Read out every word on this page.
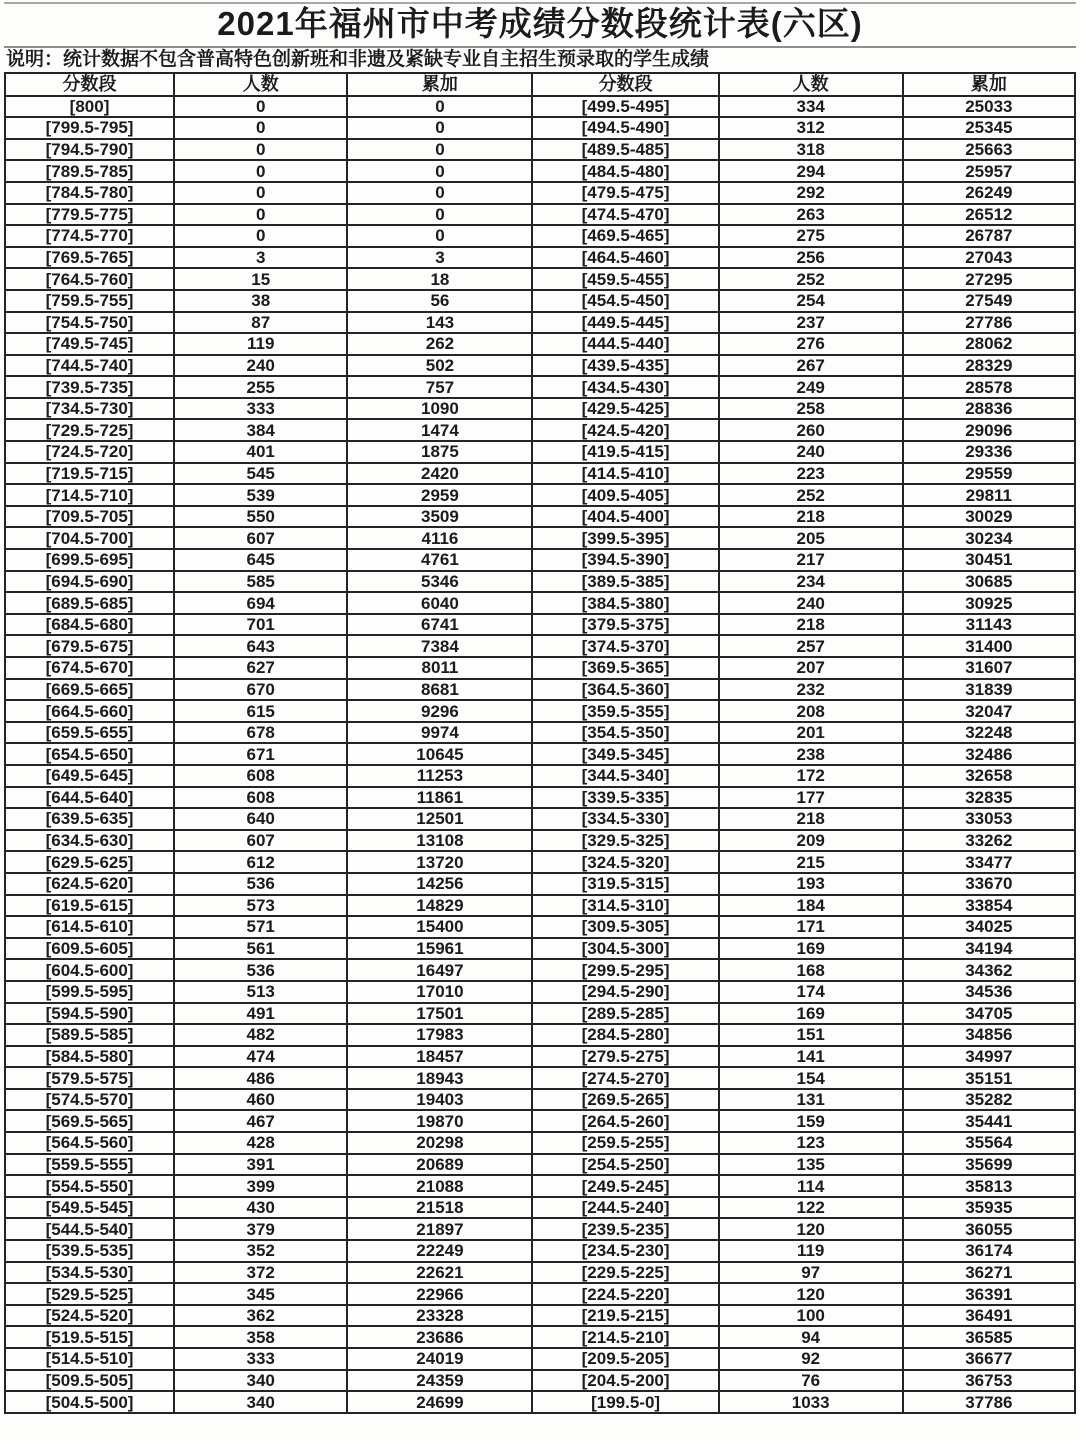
2021年福州市中考成绩分数段统计表(六区)
说明：统计数据不包含普高特色创新班和非遗及紧缺专业自主招生预录取的学生成绩
分数段	人数	累加	分数段	人数	累加
[800]	0	0	[499.5-495]	334	25033
[799.5-795]	0	0	[494.5-490]	312	25345
[794.5-790]	0	0	[489.5-485]	318	25663
[789.5-785]	0	0	[484.5-480]	294	25957
[784.5-780]	0	0	[479.5-475]	292	26249
[779.5-775]	0	0	[474.5-470]	263	26512
[774.5-770]	0	0	[469.5-465]	275	26787
[769.5-765]	3	3	[464.5-460]	256	27043
[764.5-760]	15	18	[459.5-455]	252	27295
[759.5-755]	38	56	[454.5-450]	254	27549
[754.5-750]	87	143	[449.5-445]	237	27786
[749.5-745]	119	262	[444.5-440]	276	28062
[744.5-740]	240	502	[439.5-435]	267	28329
[739.5-735]	255	757	[434.5-430]	249	28578
[734.5-730]	333	1090	[429.5-425]	258	28836
[729.5-725]	384	1474	[424.5-420]	260	29096
[724.5-720]	401	1875	[419.5-415]	240	29336
[719.5-715]	545	2420	[414.5-410]	223	29559
[714.5-710]	539	2959	[409.5-405]	252	29811
[709.5-705]	550	3509	[404.5-400]	218	30029
[704.5-700]	607	4116	[399.5-395]	205	30234
[699.5-695]	645	4761	[394.5-390]	217	30451
[694.5-690]	585	5346	[389.5-385]	234	30685
[689.5-685]	694	6040	[384.5-380]	240	30925
[684.5-680]	701	6741	[379.5-375]	218	31143
[679.5-675]	643	7384	[374.5-370]	257	31400
[674.5-670]	627	8011	[369.5-365]	207	31607
[669.5-665]	670	8681	[364.5-360]	232	31839
[664.5-660]	615	9296	[359.5-355]	208	32047
[659.5-655]	678	9974	[354.5-350]	201	32248
[654.5-650]	671	10645	[349.5-345]	238	32486
[649.5-645]	608	11253	[344.5-340]	172	32658
[644.5-640]	608	11861	[339.5-335]	177	32835
[639.5-635]	640	12501	[334.5-330]	218	33053
[634.5-630]	607	13108	[329.5-325]	209	33262
[629.5-625]	612	13720	[324.5-320]	215	33477
[624.5-620]	536	14256	[319.5-315]	193	33670
[619.5-615]	573	14829	[314.5-310]	184	33854
[614.5-610]	571	15400	[309.5-305]	171	34025
[609.5-605]	561	15961	[304.5-300]	169	34194
[604.5-600]	536	16497	[299.5-295]	168	34362
[599.5-595]	513	17010	[294.5-290]	174	34536
[594.5-590]	491	17501	[289.5-285]	169	34705
[589.5-585]	482	17983	[284.5-280]	151	34856
[584.5-580]	474	18457	[279.5-275]	141	34997
[579.5-575]	486	18943	[274.5-270]	154	35151
[574.5-570]	460	19403	[269.5-265]	131	35282
[569.5-565]	467	19870	[264.5-260]	159	35441
[564.5-560]	428	20298	[259.5-255]	123	35564
[559.5-555]	391	20689	[254.5-250]	135	35699
[554.5-550]	399	21088	[249.5-245]	114	35813
[549.5-545]	430	21518	[244.5-240]	122	35935
[544.5-540]	379	21897	[239.5-235]	120	36055
[539.5-535]	352	22249	[234.5-230]	119	36174
[534.5-530]	372	22621	[229.5-225]	97	36271
[529.5-525]	345	22966	[224.5-220]	120	36391
[524.5-520]	362	23328	[219.5-215]	100	36491
[519.5-515]	358	23686	[214.5-210]	94	36585
[514.5-510]	333	24019	[209.5-205]	92	36677
[509.5-505]	340	24359	[204.5-200]	76	36753
[504.5-500]	340	24699	[199.5-0]	1033	37786
